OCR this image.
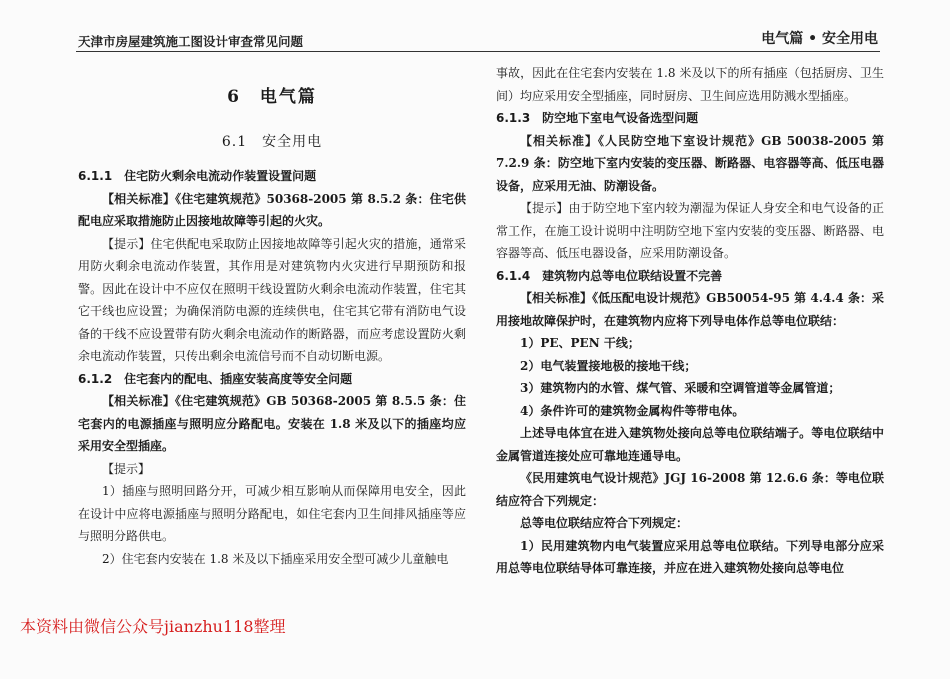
天津市房屋建筑施工图设计审查常见问题	电气篇 • 安全用电
6　电气篇
6.1　安全用电
6.1.1　住宅防火剩余电流动作装置设置问题

【相关标准】《住宅建筑规范》50368-2005 第 8.5.2 条：住宅供配电应采取措施防止因接地故障等引起的火灾。

【提示】住宅供配电采取防止因接地故障等引起火灾的措施，通常采用防火剩余电流动作装置，其作用是对建筑物内火灾进行早期预防和报警。因此在设计中不应仅在照明干线设置防火剩余电流动作装置，住宅其它干线也应设置；为确保消防电源的连续供电，住宅其它带有消防电气设备的干线不应设置带有防火剩余电流动作的断路器，而应考虑设置防火剩余电流动作装置，只传出剩余电流信号而不自动切断电源。

6.1.2　住宅套内的配电、插座安装高度等安全问题

【相关标准】《住宅建筑规范》GB 50368-2005 第 8.5.5 条：住宅套内的电源插座与照明应分路配电。安装在 1.8 米及以下的插座均应采用安全型插座。

【提示】

1）插座与照明回路分开，可减少相互影响从而保障用电安全，因此在设计中应将电源插座与照明分路配电，如住宅套内卫生间排风插座等应与照明分路供电。

2）住宅套内安装在 1.8 米及以下插座采用安全型可减少儿童触电

事故，因此在住宅套内安装在 1.8 米及以下的所有插座（包括厨房、卫生间）均应采用安全型插座，同时厨房、卫生间应选用防溅水型插座。

6.1.3　防空地下室电气设备选型问题

【相关标准】《人民防空地下室设计规范》GB 50038-2005 第 7.2.9 条：防空地下室内安装的变压器、断路器、电容器等高、低压电器设备，应采用无油、防潮设备。

【提示】由于防空地下室内较为潮湿为保证人身安全和电气设备的正常工作，在施工设计说明中注明防空地下室内安装的变压器、断路器、电容器等高、低压电器设备，应采用防潮设备。

6.1.4　建筑物内总等电位联结设置不完善

【相关标准】《低压配电设计规范》GB50054-95 第 4.4.4 条：采用接地故障保护时，在建筑物内应将下列导电体作总等电位联结：

1）PE、PEN 干线；

2）电气装置接地极的接地干线；

3）建筑物内的水管、煤气管、采暖和空调管道等金属管道；

4）条件许可的建筑物金属构件等带电体。

上述导电体宜在进入建筑物处接向总等电位联结端子。等电位联结中金属管道连接处应可靠地连通导电。

《民用建筑电气设计规范》JGJ 16-2008 第 12.6.6 条：等电位联结应符合下列规定：

总等电位联结应符合下列规定：

1）民用建筑物内电气装置应采用总等电位联结。下列导电部分应采用总等电位联结导体可靠连接，并应在进入建筑物处接向总等电位

本资料由微信公众号jianzhu118整理
